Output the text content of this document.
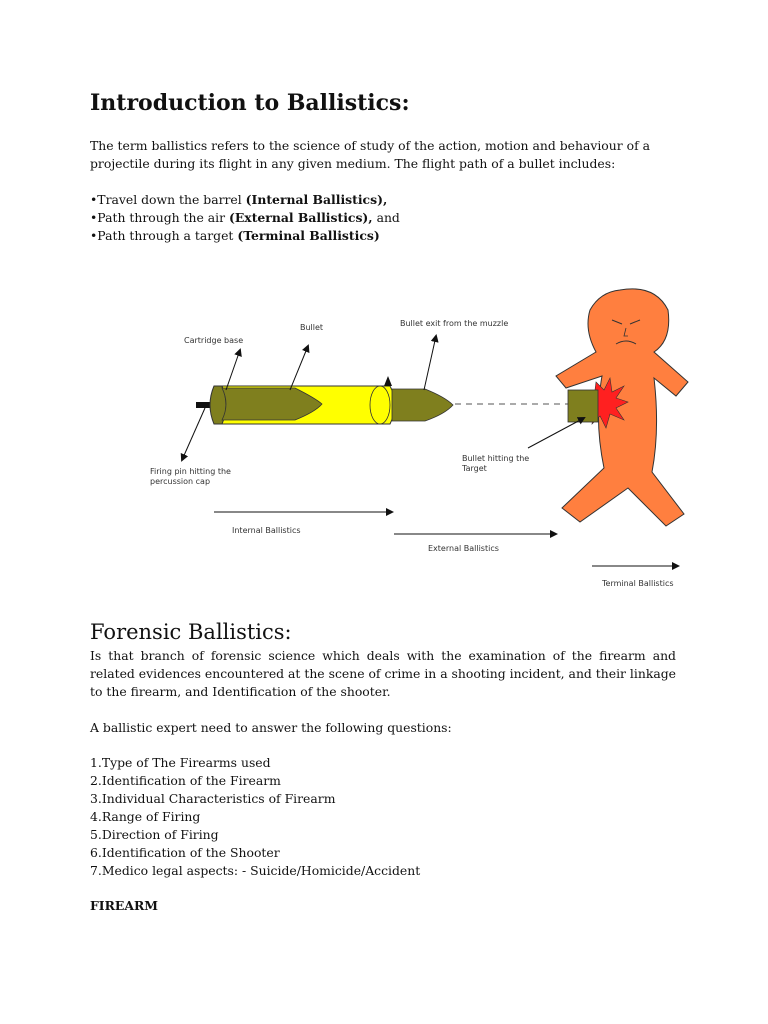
Introduction to Ballistics:

The term ballistics refers to the science of study of the action, motion and behaviour of a projectile during its flight in any given medium. The flight path of a bullet includes:

•Travel down the barrel (Internal Ballistics),
•Path through the air (External Ballistics), and
•Path through a target (Terminal Ballistics)
Cartridge base
Bullet	Bullet exit from the muzzle
Firing pin hitting the
percussion cap
Bullet hitting the
Target
Internal Ballistics
External Ballistics
Terminal Ballistics
Forensic Ballistics:

Is that branch of forensic science which deals with the examination of the firearm and related evidences encountered at the scene of crime in a shooting incident, and their linkage to the firearm, and Identification of the shooter.

A ballistic expert need to answer the following questions:

1.Type of The Firearms used
2.Identification of the Firearm
3.Individual Characteristics of Firearm
4.Range of Firing
5.Direction of Firing
6.Identification of the Shooter
7.Medico legal aspects: - Suicide/Homicide/Accident
FIREARM
